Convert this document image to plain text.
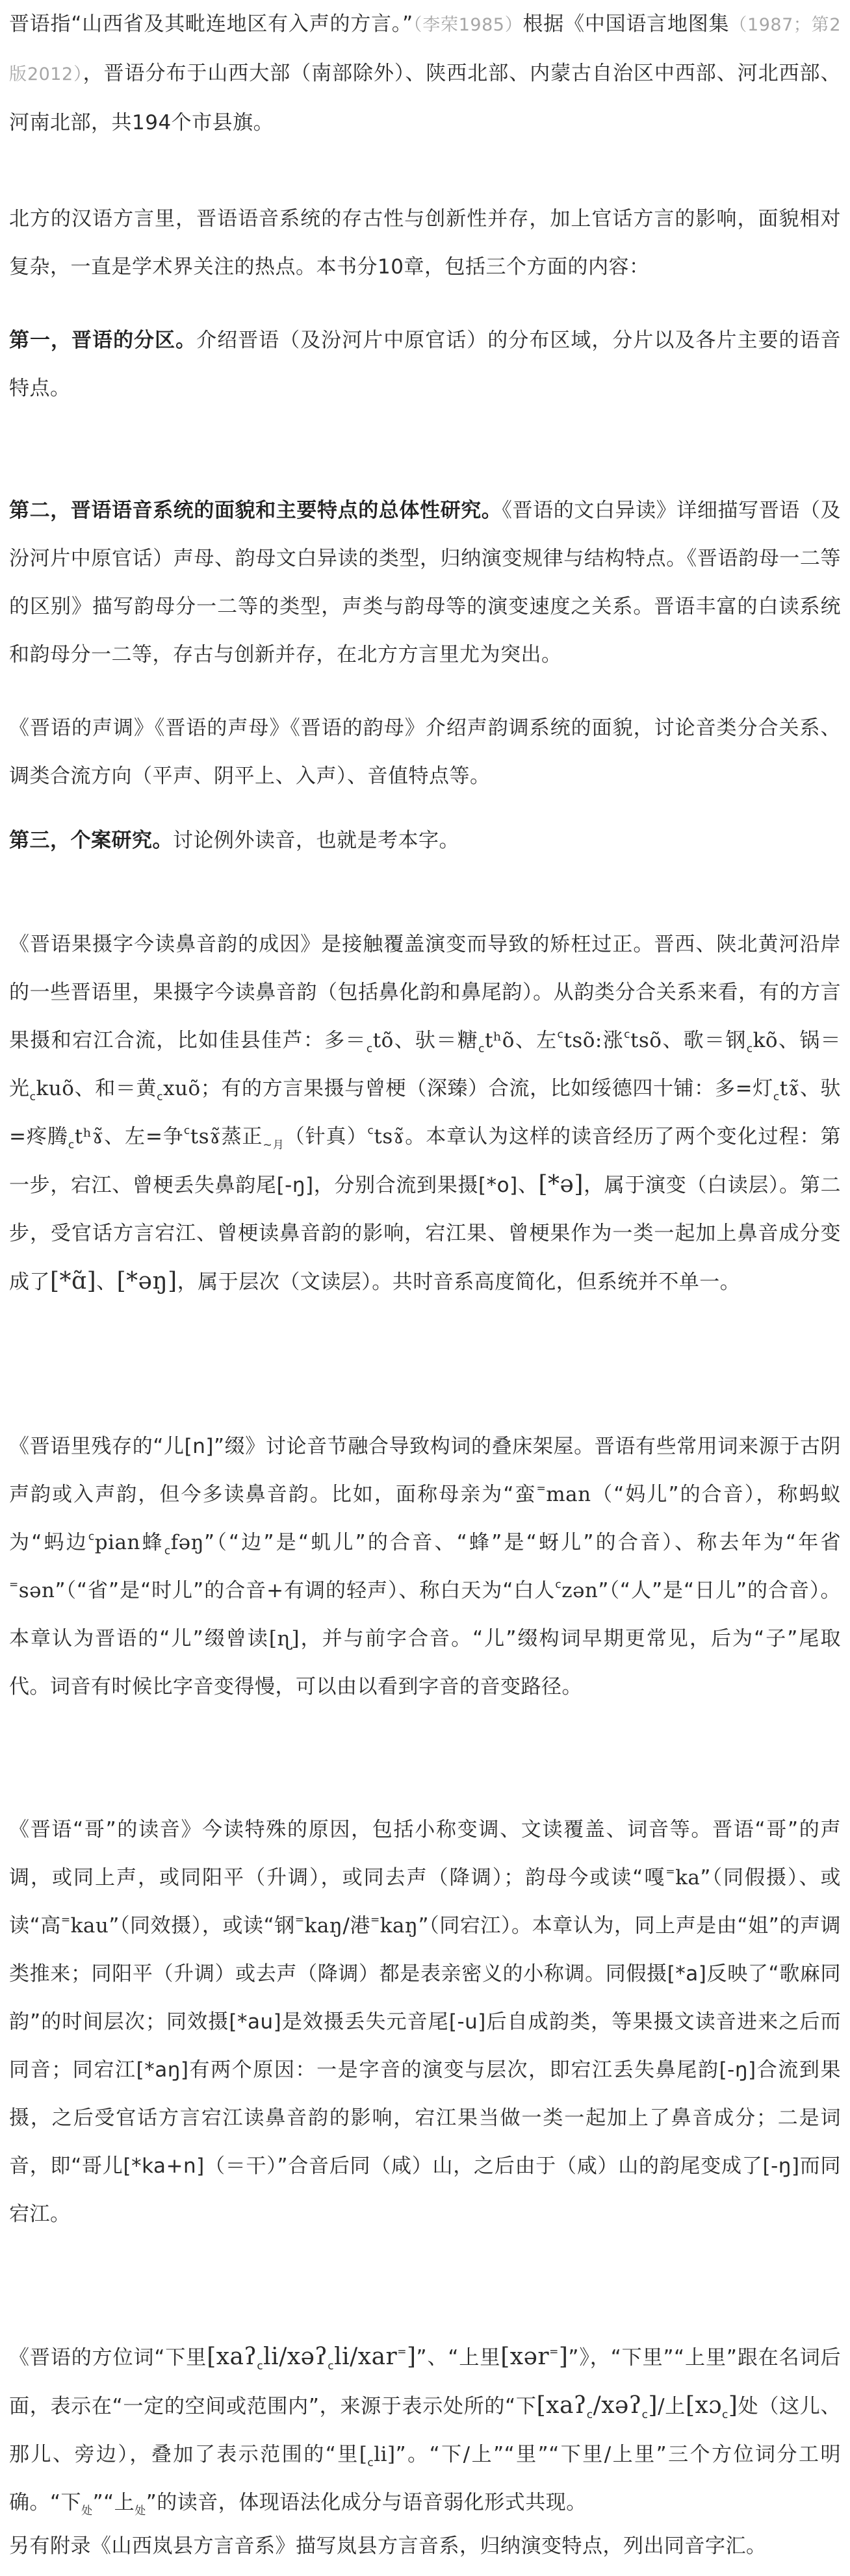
晋语指“山西省及其毗连地区有入声的方言。”（李荣1985）根据《中国语言地图集（1987；第2版2012），晋语分布于山西大部（南部除外）、陕西北部、内蒙古自治区中西部、河北西部、河南北部，共194个市县旗。

北方的汉语方言里，晋语语音系统的存古性与创新性并存，加上官话方言的影响，面貌相对复杂，一直是学术界关注的热点。本书分10章，包括三个方面的内容：

第一，晋语的分区。介绍晋语（及汾河片中原官话）的分布区域，分片以及各片主要的语音特点。

第二，晋语语音系统的面貌和主要特点的总体性研究。《晋语的文白异读》详细描写晋语（及汾河片中原官话）声母、韵母文白异读的类型，归纳演变规律与结构特点。《晋语韵母一二等的区别》描写韵母分一二等的类型，声类与韵母等的演变速度之关系。晋语丰富的白读系统和韵母分一二等，存古与创新并存，在北方方言里尤为突出。

《晋语的声调》《晋语的声母》《晋语的韵母》介绍声韵调系统的面貌，讨论音类分合关系、调类合流方向（平声、阴平上、入声）、音值特点等。

第三，个案研究。讨论例外读音，也就是考本字。

《晋语果摄字今读鼻音韵的成因》是接触覆盖演变而导致的矫枉过正。晋西、陕北黄河沿岸的一些晋语里，果摄字今读鼻音韵（包括鼻化韵和鼻尾韵）。从韵类分合关系来看，有的方言果摄和宕江合流，比如佳县佳芦：多$=_ctõ$、驮＝糖$_c$tʰõ、左$^c$tsõ:涨$^c$tsõ、歌＝钢$_c$kõ、锅＝光$_c$kuõ、和＝黄$_c$xuõ；有的方言果摄与曾梗（深臻）合流，比如绥德四十铺：多=灯$_c$tɤ̃、驮=疼腾$_c$tʰɤ̃、左=争$^c$tsɤ̃蒸正$_{\sim 月}$（针真）$^c$tsɤ̃。本章认为这样的读音经历了两个变化过程：第一步，宕江、曾梗丢失鼻韵尾[-ŋ]，分别合流到果摄[*o]、[*ə]，属于演变（白读层）。第二步，受官话方言宕江、曾梗读鼻音韵的影响，宕江果、曾梗果作为一类一起加上鼻音成分变成了[*ɑ̃]、[*əŋ]，属于层次（文读层）。共时音系高度简化，但系统并不单一。

《晋语里残存的“儿[n]”缀》讨论音节融合导致构词的叠床架屋。晋语有些常用词来源于古阴声韵或入声韵，但今多读鼻音韵。比如，面称母亲为“蛮=man（“妈儿”的合音），称蚂蚁为“蚂边$^c$pian蜂$_c$fəŋ”（“边”是“虮儿”的合音、“蜂”是“蚜儿”的合音）、称去年为“年省=sən”（“省”是“时儿”的合音+有调的轻声）、称白天为“白人$^c$zən”（“人”是“日儿”的合音）。本章认为晋语的“儿”缀曾读[ɳ]，并与前字合音。“儿”缀构词早期更常见，后为“子”尾取代。词音有时候比字音变得慢，可以由以看到字音的音变路径。

《晋语“哥”的读音》今读特殊的原因，包括小称变调、文读覆盖、词音等。晋语“哥”的声调，或同上声，或同阳平（升调），或同去声（降调）；韵母今或读“嘎=ka”（同假摄）、或读“高=kau”（同效摄），或读“钢=kaŋ/港=kaŋ”（同宕江）。本章认为，同上声是由“姐”的声调类推来；同阳平（升调）或去声（降调）都是表亲密义的小称调。同假摄[*a]反映了“歌麻同韵”的时间层次；同效摄[*au]是效摄丢失元音尾[-u]后自成韵类，等果摄文读音进来之后而同音；同宕江[*aŋ]有两个原因：一是字音的演变与层次，即宕江丢失鼻尾韵[-ŋ]合流到果摄，之后受官话方言宕江读鼻音韵的影响，宕江果当做一类一起加上了鼻音成分；二是词音，即“哥儿[*ka+n]（＝干）”合音后同（咸）山，之后由于（咸）山的韵尾变成了[-ŋ]而同宕江。

《晋语的方位词“下里[xaʔ$_c$li/xəʔ$_c$li/xar=]”、“上里[xər=]”》，“下里”“上里”跟在名词后面，表示在“一定的空间或范围内”，来源于表示处所的“下[xaʔ$_c$/xəʔ$_c$]/上[xɔ$_c$]处（这儿、那儿、旁边），叠加了表示范围的“里$[_cli]$”。“下/上”“里”“下里/上里”三个方位词分工明确。“下$_处$”“上$_处$”的读音，体现语法化成分与语音弱化形式共现。

另有附录《山西岚县方言音系》描写岚县方言音系，归纳演变特点，列出同音字汇。
